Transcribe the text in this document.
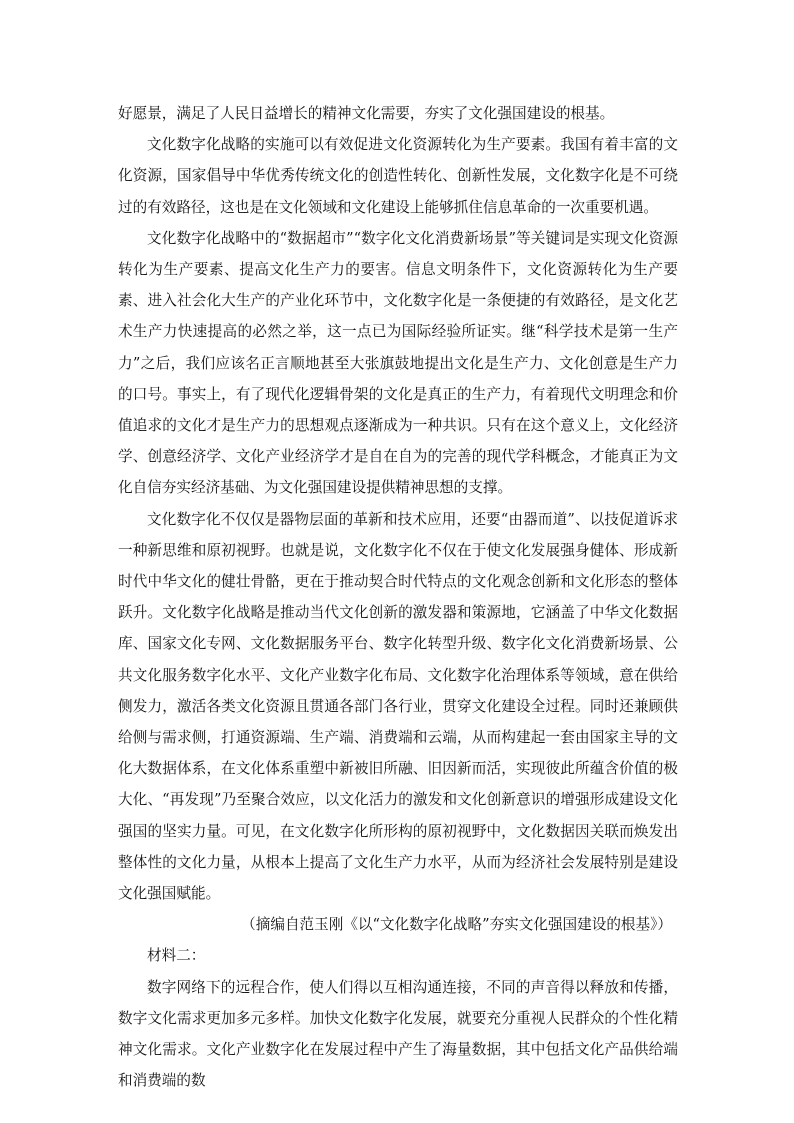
好愿景，满足了人民日益增长的精神文化需要，夯实了文化强国建设的根基。

文化数字化战略的实施可以有效促进文化资源转化为生产要素。我国有着丰富的文化资源，国家倡导中华优秀传统文化的创造性转化、创新性发展，文化数字化是不可绕过的有效路径，这也是在文化领域和文化建设上能够抓住信息革命的一次重要机遇。

文化数字化战略中的“数据超市”“数字化文化消费新场景”等关键词是实现文化资源转化为生产要素、提高文化生产力的要害。信息文明条件下，文化资源转化为生产要素、进入社会化大生产的产业化环节中，文化数字化是一条便捷的有效路径，是文化艺术生产力快速提高的必然之举，这一点已为国际经验所证实。继“科学技术是第一生产力”之后，我们应该名正言顺地甚至大张旗鼓地提出文化是生产力、文化创意是生产力的口号。事实上，有了现代化逻辑骨架的文化是真正的生产力，有着现代文明理念和价值追求的文化才是生产力的思想观点逐渐成为一种共识。只有在这个意义上，文化经济学、创意经济学、文化产业经济学才是自在自为的完善的现代学科概念，才能真正为文化自信夯实经济基础、为文化强国建设提供精神思想的支撑。

文化数字化不仅仅是器物层面的革新和技术应用，还要“由器而道”、以技促道诉求一种新思维和原初视野。也就是说，文化数字化不仅在于使文化发展强身健体、形成新时代中华文化的健壮骨骼，更在于推动契合时代特点的文化观念创新和文化形态的整体跃升。文化数字化战略是推动当代文化创新的激发器和策源地，它涵盖了中华文化数据库、国家文化专网、文化数据服务平台、数字化转型升级、数字化文化消费新场景、公共文化服务数字化水平、文化产业数字化布局、文化数字化治理体系等领域，意在供给侧发力，激活各类文化资源且贯通各部门各行业，贯穿文化建设全过程。同时还兼顾供给侧与需求侧，打通资源端、生产端、消费端和云端，从而构建起一套由国家主导的文化大数据体系，在文化体系重塑中新被旧所融、旧因新而活，实现彼此所蕴含价值的极大化、“再发现”乃至聚合效应，以文化活力的激发和文化创新意识的增强形成建设文化强国的坚实力量。可见，在文化数字化所形构的原初视野中，文化数据因关联而焕发出整体性的文化力量，从根本上提高了文化生产力水平，从而为经济社会发展特别是建设文化强国赋能。

（摘编自范玉刚《以“文化数字化战略”夯实文化强国建设的根基》）

材料二：

数字网络下的远程合作，使人们得以互相沟通连接，不同的声音得以释放和传播，数字文化需求更加多元多样。加快文化数字化发展，就要充分重视人民群众的个性化精神文化需求。文化产业数字化在发展过程中产生了海量数据，其中包括文化产品供给端和消费端的数
